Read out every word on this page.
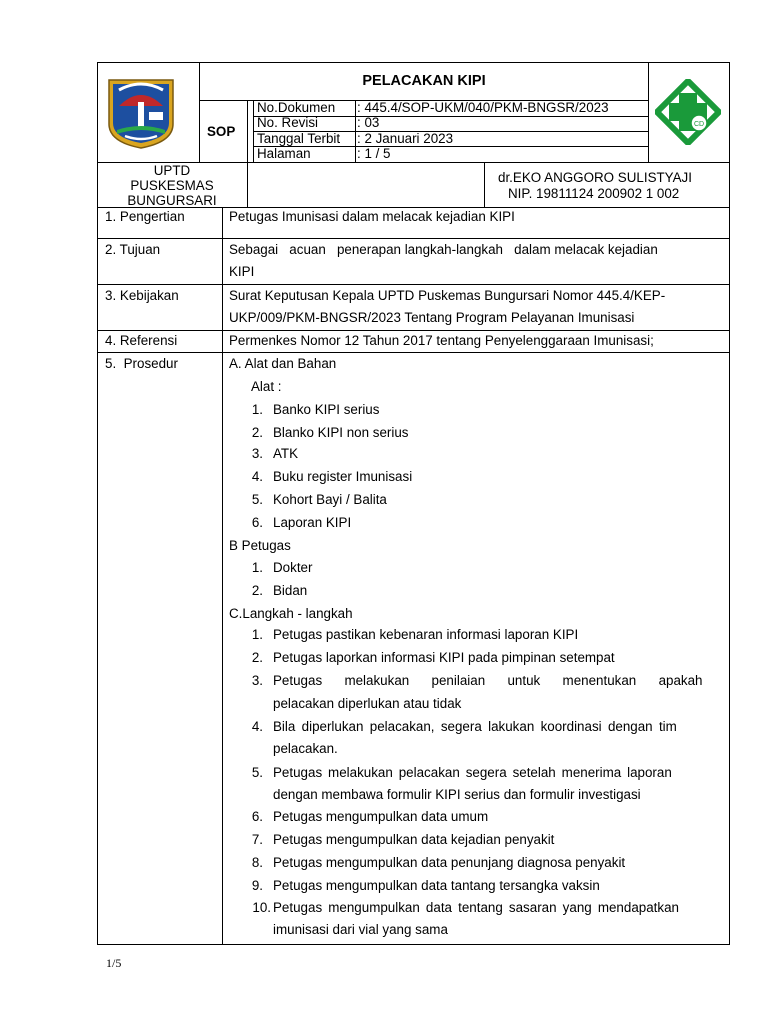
PELACAKAN KIPI
SOP
No.Dokumen : 445.4/SOP-UKM/040/PKM-BNGSR/2023
No. Revisi	: 03
Tanggal Terbit : 2 Januari 2023
Halaman	: 1 / 5
CD
UPTD
PUSKESMAS
BUNGURSARI
dr.EKO ANGGORO SULISTYAJI
NIP. 19811124 200902 1 002
1. Pengertian	Petugas Imunisasi dalam melacak kejadian KIPI
2. Tujuan	Sebagai   acuan   penerapan langkah-langkah   dalam melacak kejadian
KIPI
3. Kebijakan	Surat Keputusan Kepala UPTD Puskemas Bungursari Nomor 445.4/KEP-
UKP/009/PKM-BNGSR/2023 Tentang Program Pelayanan Imunisasi
4. Referensi	Permenkes Nomor 12 Tahun 2017 tentang Penyelenggaraan Imunisasi;
5.  Prosedur	A. Alat dan Bahan
Alat :
1. Banko KIPI serius
2. Blanko KIPI non serius
3. ATK
4. Buku register Imunisasi
5. Kohort Bayi / Balita
6. Laporan KIPI
B Petugas
1. Dokter
2. Bidan
C.Langkah - langkah
1. Petugas pastikan kebenaran informasi laporan KIPI
2. Petugas laporkan informasi KIPI pada pimpinan setempat
3. Petugas      melakukan      penilaian      untuk      menentukan      apakah
pelacakan diperlukan atau tidak
4. Bila diperlukan pelacakan, segera lakukan koordinasi dengan tim
pelacakan.
5. Petugas melakukan pelacakan segera setelah menerima laporan
dengan membawa formulir KIPI serius dan formulir investigasi
6. Petugas mengumpulkan data umum
7. Petugas mengumpulkan data kejadian penyakit
8. Petugas mengumpulkan data penunjang diagnosa penyakit
9. Petugas mengumpulkan data tantang tersangka vaksin
10. Petugas mengumpulkan data tentang sasaran yang mendapatkan
imunisasi dari vial yang sama
1/5
